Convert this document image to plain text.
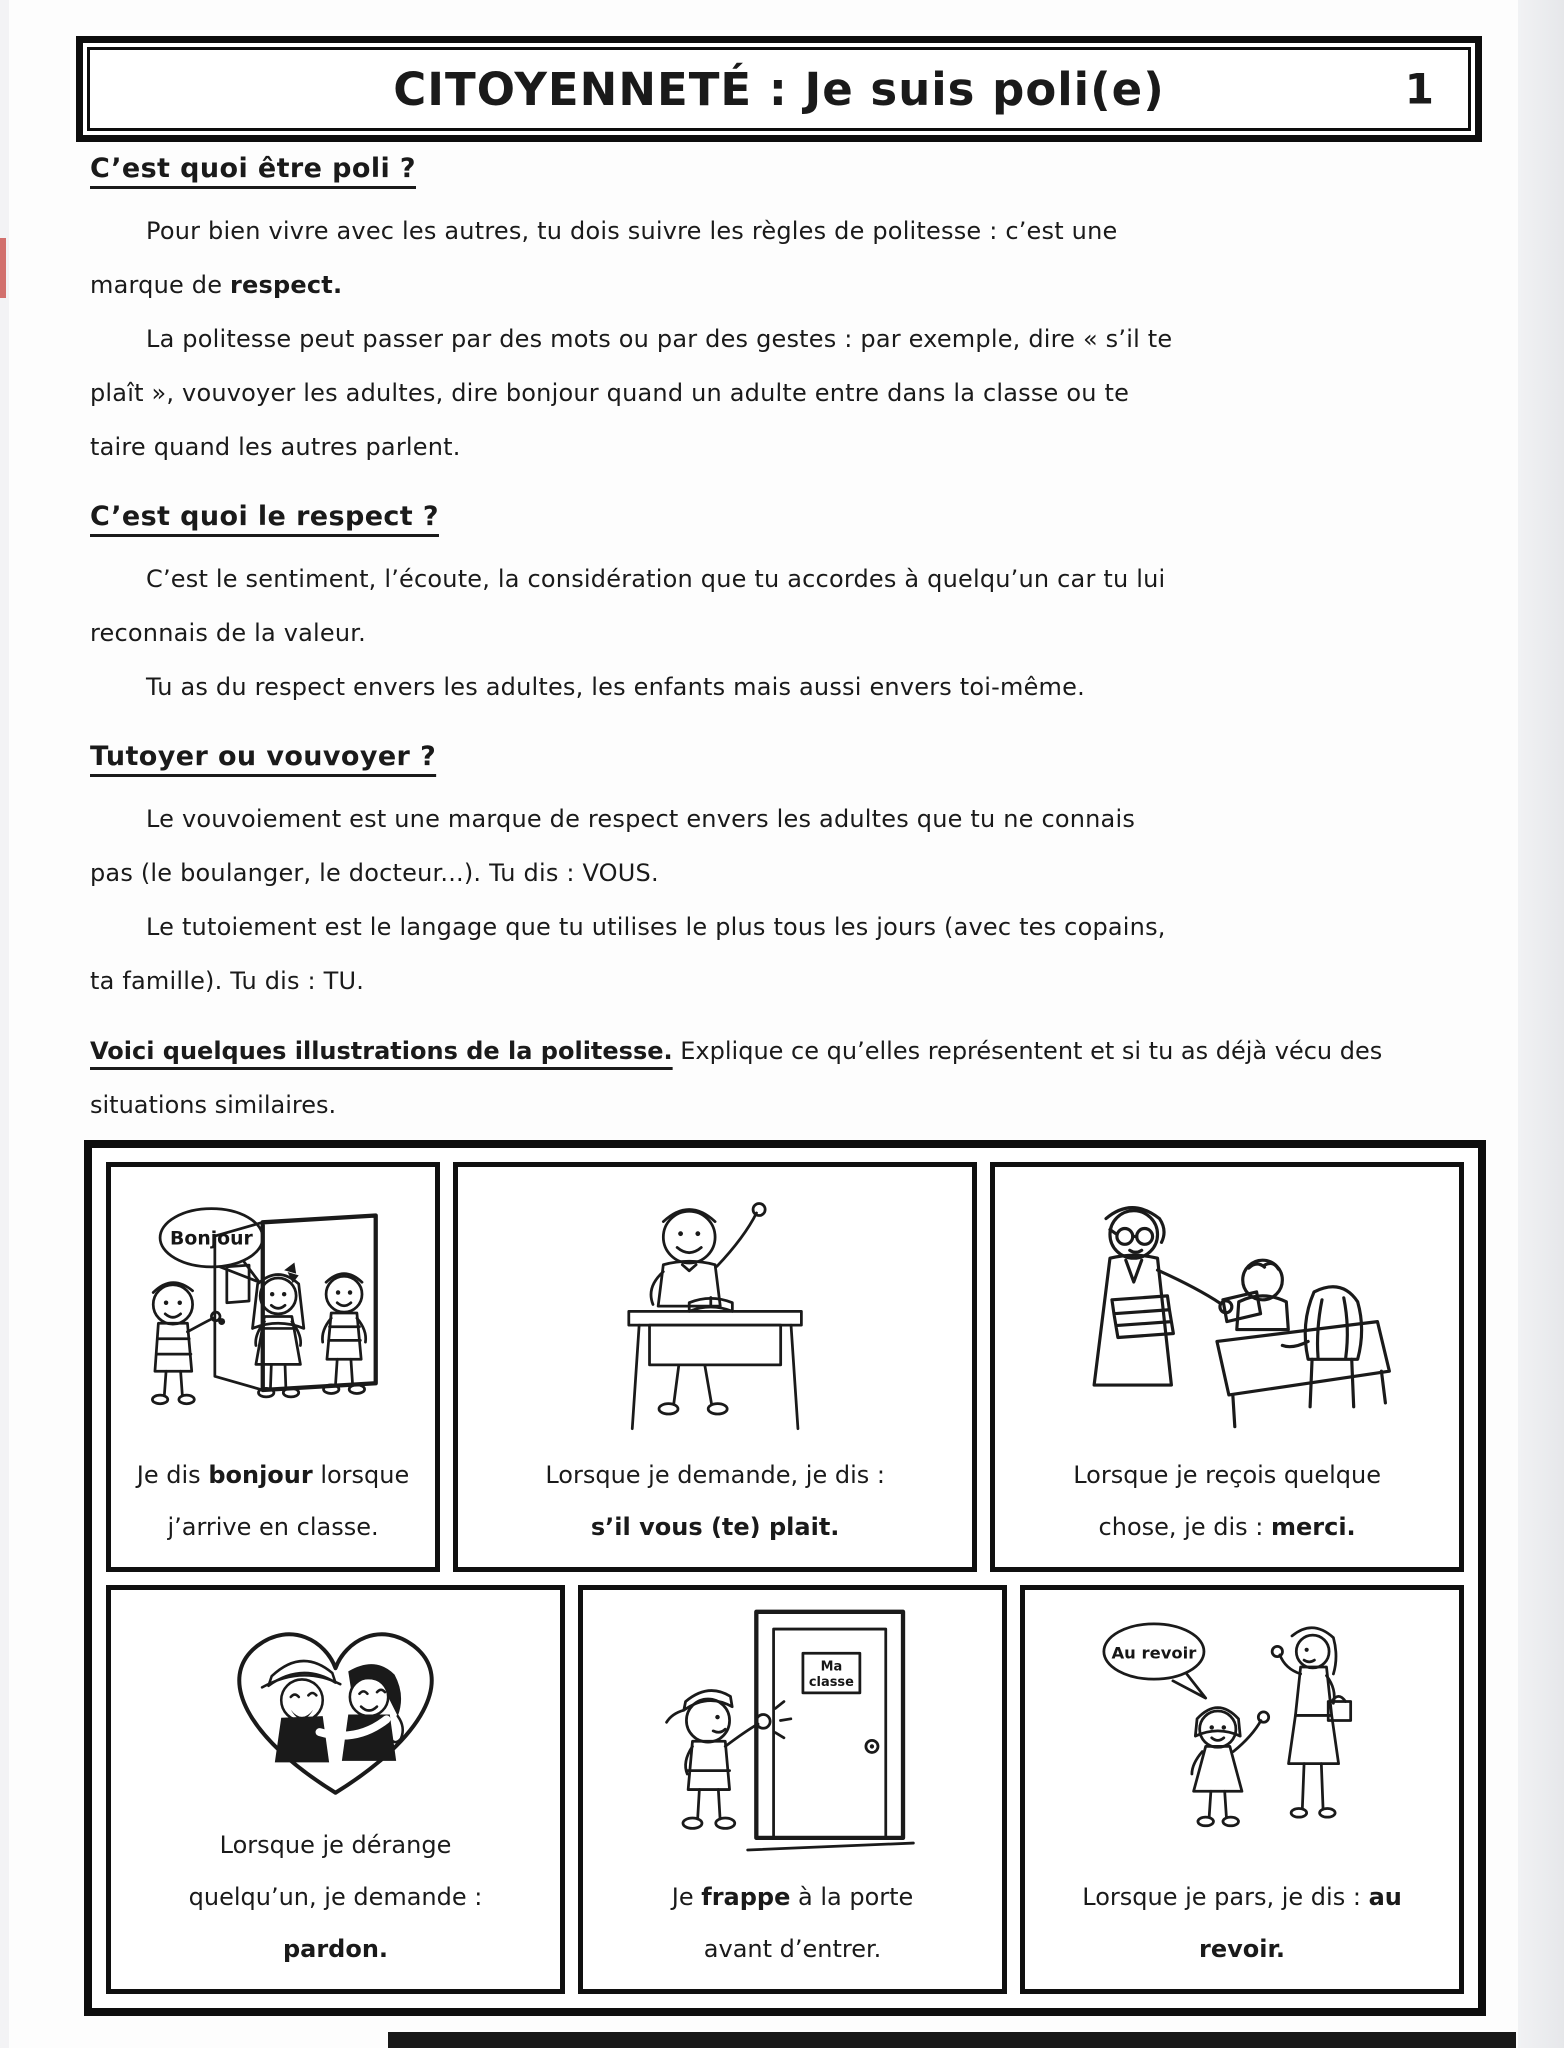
CITOYENNETÉ : Je suis poli(e)	1
C’est quoi être poli ?

Pour bien vivre avec les autres, tu dois suivre les règles de politesse : c’est une marque de respect.

La politesse peut passer par des mots ou par des gestes : par exemple, dire « s’il te plaît », vouvoyer les adultes, dire bonjour quand un adulte entre dans la classe ou te taire quand les autres parlent.

C’est quoi le respect ?

C’est le sentiment, l’écoute, la considération que tu accordes à quelqu’un car tu lui reconnais de la valeur.

Tu as du respect envers les adultes, les enfants mais aussi envers toi-même.

Tutoyer ou vouvoyer ?

Le vouvoiement est une marque de respect envers les adultes que tu ne connais pas (le boulanger, le docteur...). Tu dis : VOUS.

Le tutoiement est le langage que tu utilises le plus tous les jours (avec tes copains, ta famille). Tu dis : TU.

Voici quelques illustrations de la politesse. Explique ce qu’elles représentent et si tu as déjà vécu des situations similaires.

Bonjour

Je dis bonjour lorsque j’arrive en classe.

Lorsque je demande, je dis : s’il vous (te) plait.

Lorsque je reçois quelque chose, je dis : merci.

Lorsque je dérange quelqu’un, je demande : pardon.

Ma
classe

Je frappe à la porte avant d’entrer.

Au revoir

Lorsque je pars, je dis : au revoir.
